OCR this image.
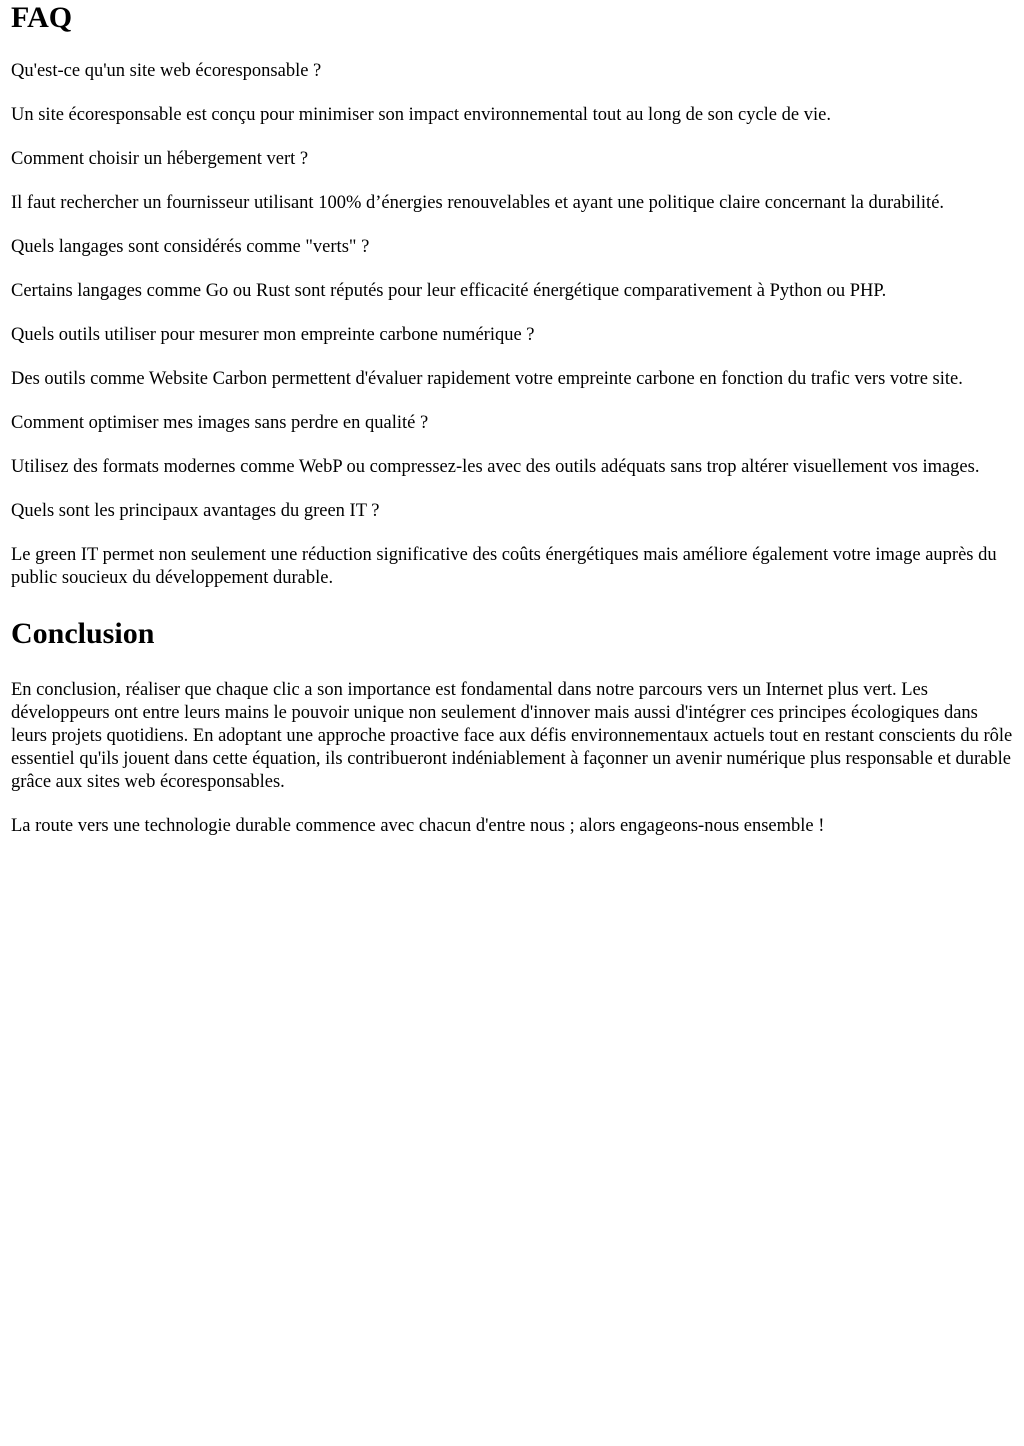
FAQ

Qu'est-ce qu'un site web écoresponsable ?

Un site écoresponsable est conçu pour minimiser son impact environnemental tout au long de son cycle de vie.

Comment choisir un hébergement vert ?

Il faut rechercher un fournisseur utilisant 100% d’énergies renouvelables et ayant une politique claire concernant la durabilité.

Quels langages sont considérés comme "verts" ?

Certains langages comme Go ou Rust sont réputés pour leur efficacité énergétique comparativement à Python ou PHP.

Quels outils utiliser pour mesurer mon empreinte carbone numérique ?

Des outils comme Website Carbon permettent d'évaluer rapidement votre empreinte carbone en fonction du trafic vers votre site.

Comment optimiser mes images sans perdre en qualité ?

Utilisez des formats modernes comme WebP ou compressez-les avec des outils adéquats sans trop altérer visuellement vos images.

Quels sont les principaux avantages du green IT ?

Le green IT permet non seulement une réduction significative des coûts énergétiques mais améliore également votre image auprès du public soucieux du développement durable.

Conclusion

En conclusion, réaliser que chaque clic a son importance est fondamental dans notre parcours vers un Internet plus vert. Les développeurs ont entre leurs mains le pouvoir unique non seulement d'innover mais aussi d'intégrer ces principes écologiques dans leurs projets quotidiens. En adoptant une approche proactive face aux défis environnementaux actuels tout en restant conscients du rôle essentiel qu'ils jouent dans cette équation, ils contribueront indéniablement à façonner un avenir numérique plus responsable et durable grâce aux sites web écoresponsables.

La route vers une technologie durable commence avec chacun d'entre nous ; alors engageons-nous ensemble !
